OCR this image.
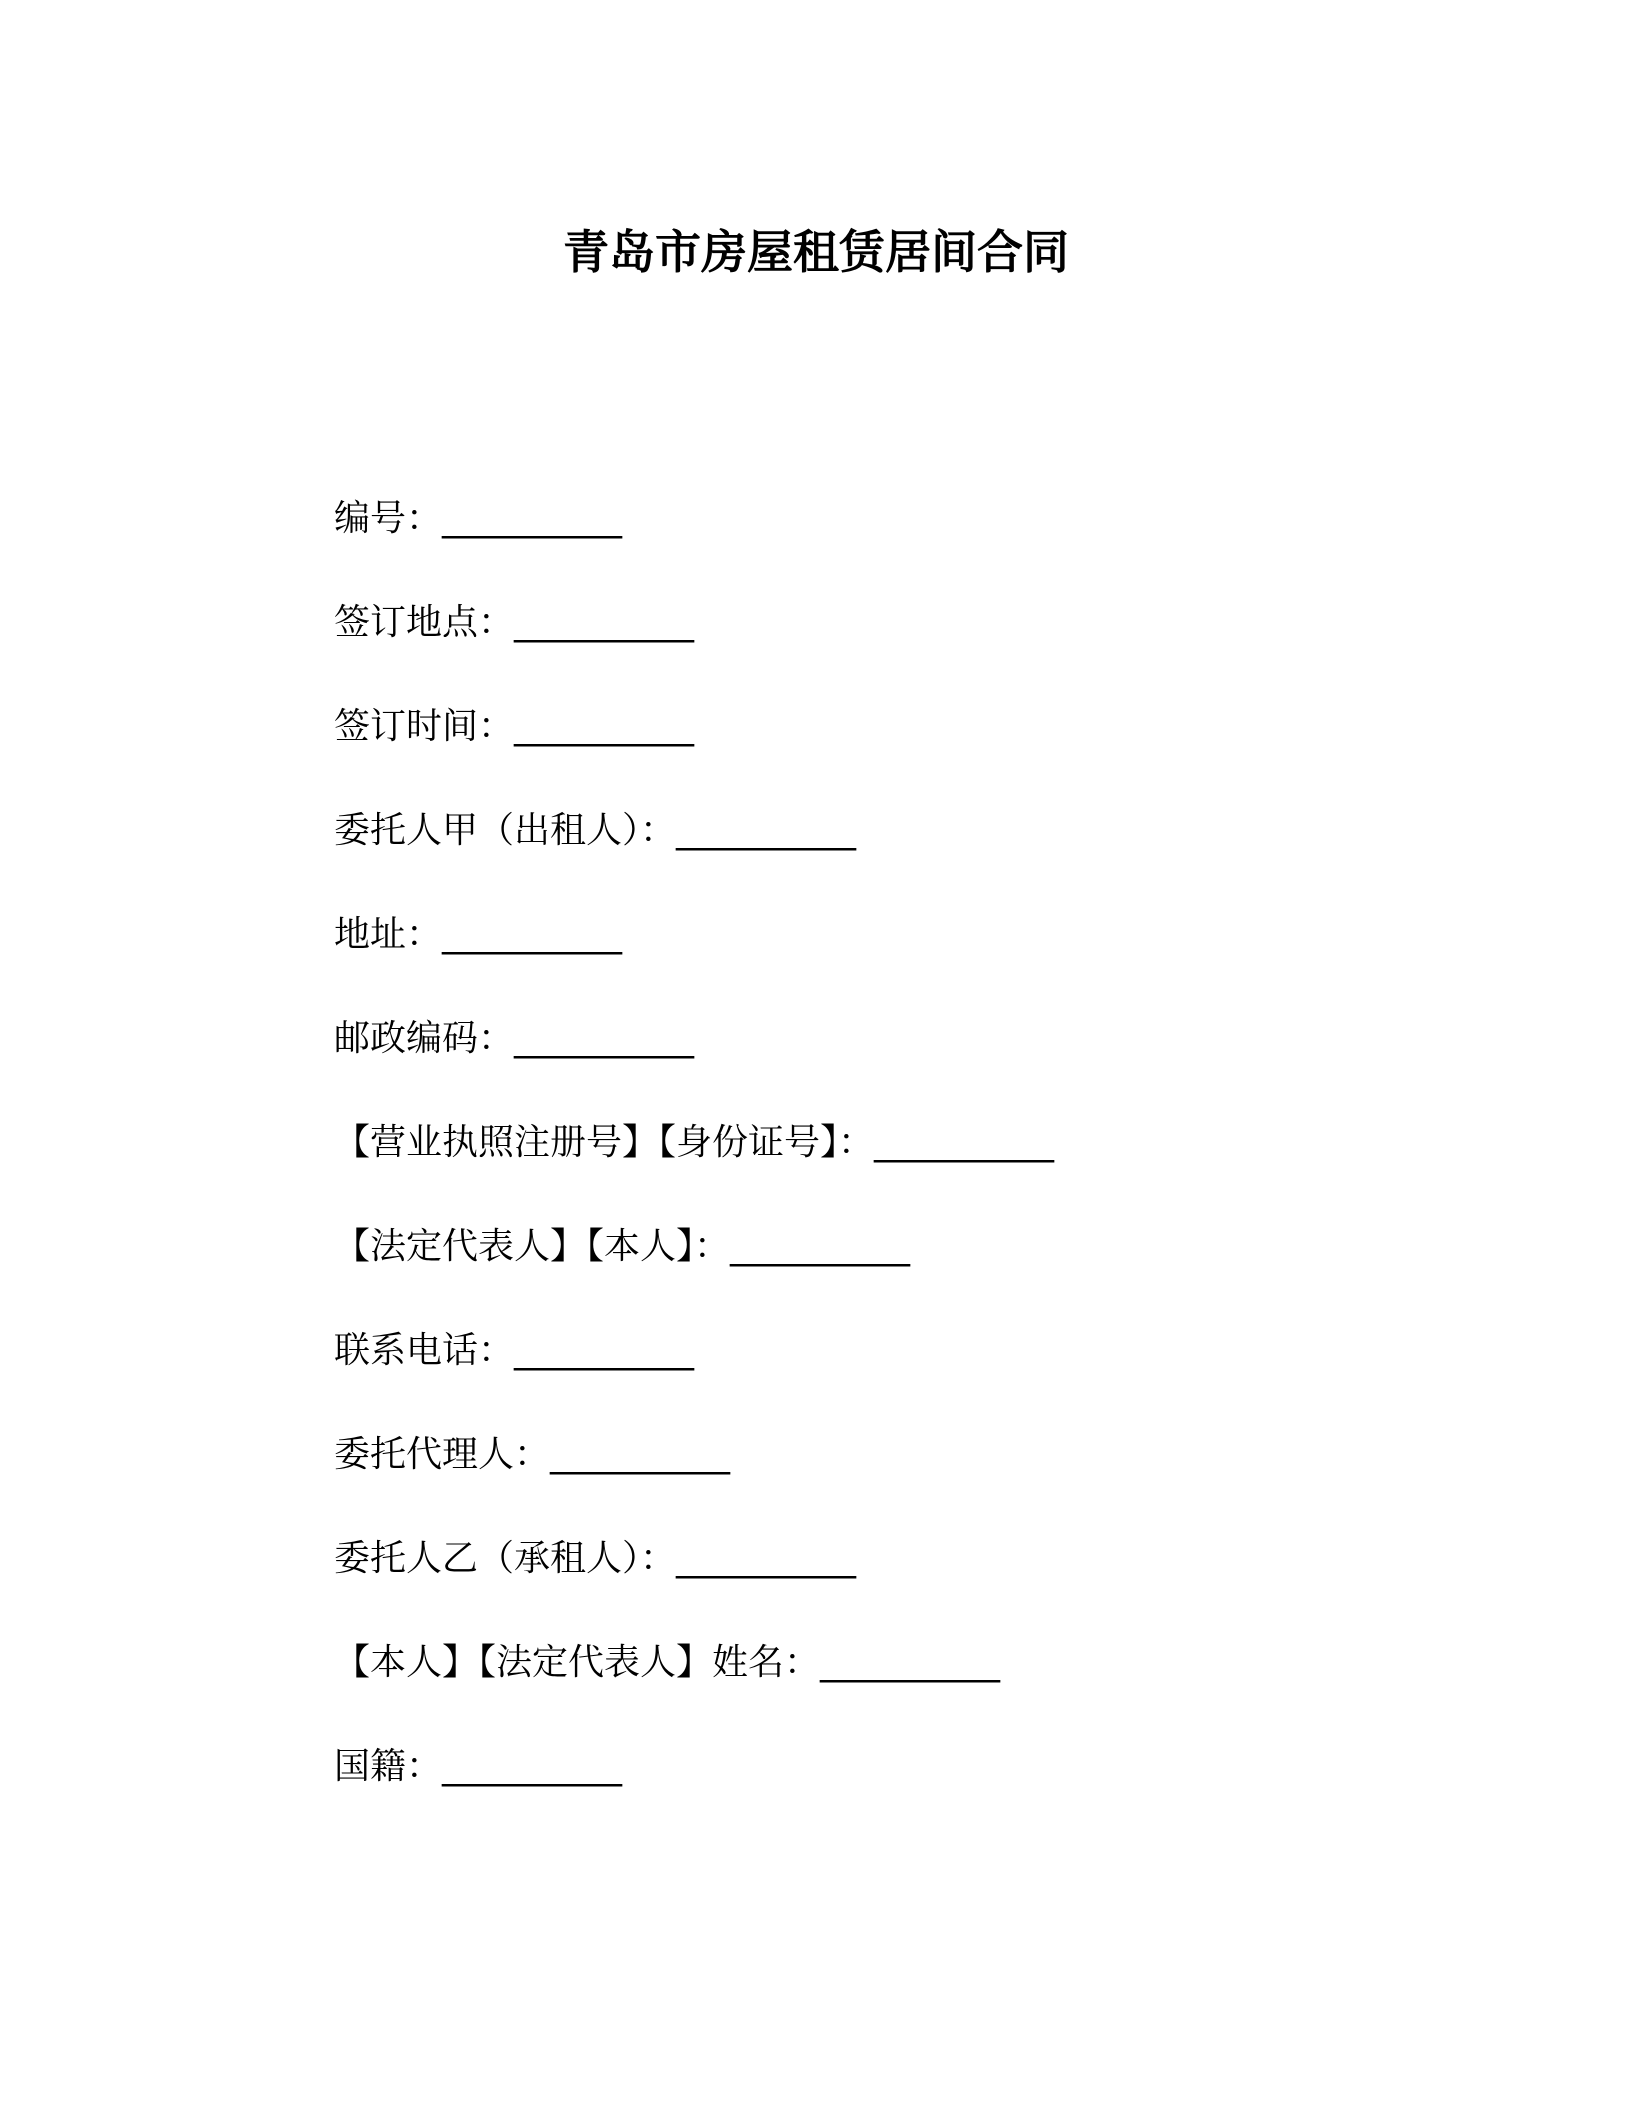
青岛市房屋租赁居间合同
编号：__________
签订地点：__________
签订时间：__________
委托人甲（出租人）：__________
地址：__________
邮政编码：__________
【营业执照注册号】【身份证号】：__________
【法定代表人】【本人】：__________
联系电话：__________
委托代理人：__________
委托人乙（承租人）：__________
【本人】【法定代表人】姓名：__________
国籍：__________
